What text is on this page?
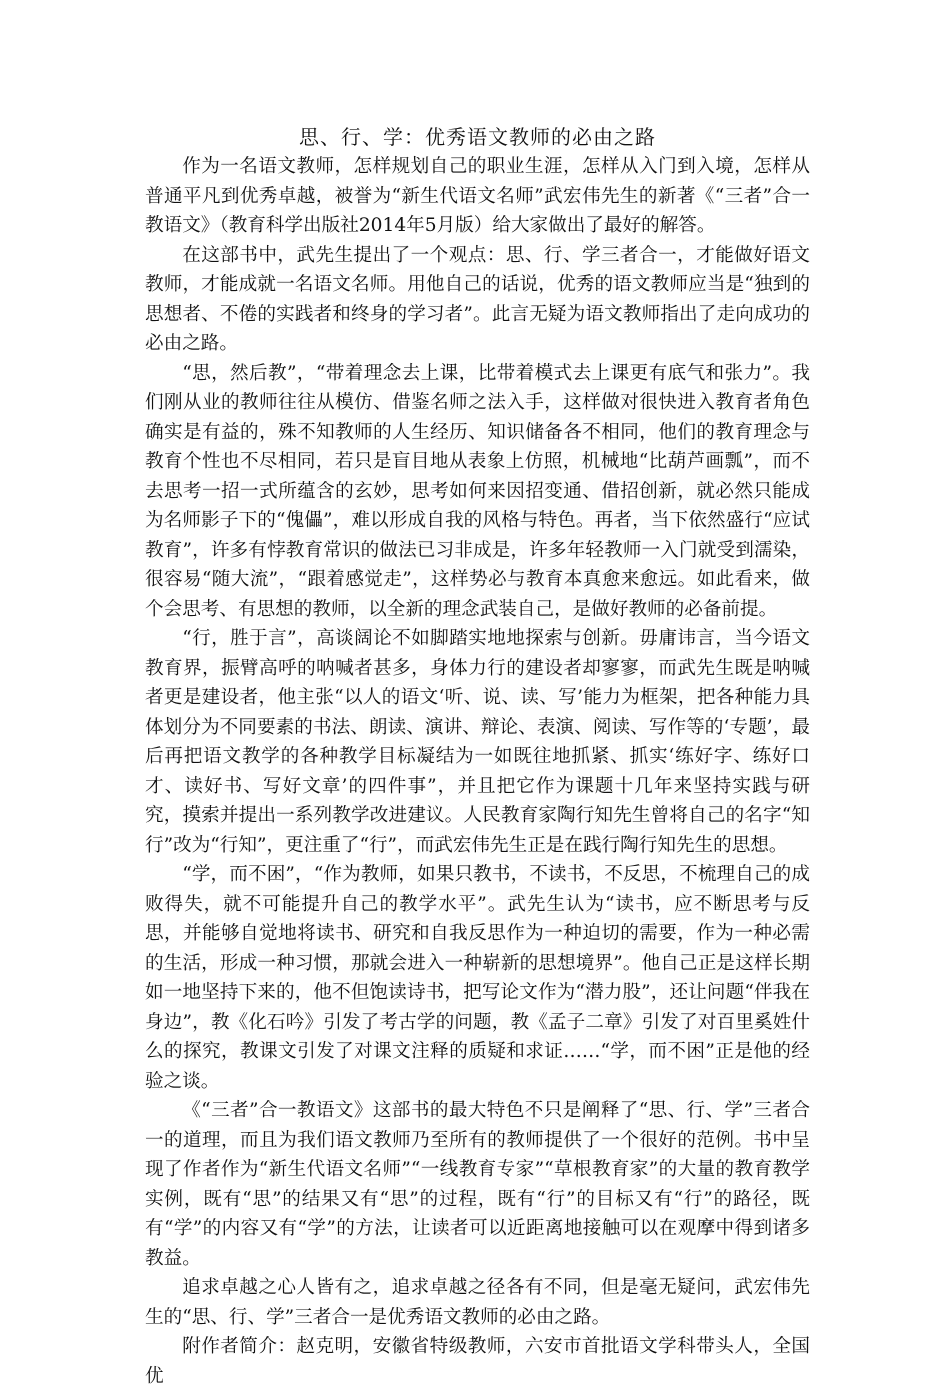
思、行、学：优秀语文教师的必由之路

作为一名语文教师，怎样规划自己的职业生涯，怎样从入门到入境，怎样从普通平凡到优秀卓越，被誉为“新生代语文名师”武宏伟先生的新著《“三者”合一教语文》（教育科学出版社2014年5月版）给大家做出了最好的解答。

在这部书中，武先生提出了一个观点：思、行、学三者合一，才能做好语文教师，才能成就一名语文名师。用他自己的话说，优秀的语文教师应当是“独到的思想者、不倦的实践者和终身的学习者”。此言无疑为语文教师指出了走向成功的必由之路。

“思，然后教”，“带着理念去上课，比带着模式去上课更有底气和张力”。我们刚从业的教师往往从模仿、借鉴名师之法入手，这样做对很快进入教育者角色确实是有益的，殊不知教师的人生经历、知识储备各不相同，他们的教育理念与教育个性也不尽相同，若只是盲目地从表象上仿照，机械地“比葫芦画瓢”，而不去思考一招一式所蕴含的玄妙，思考如何来因招变通、借招创新，就必然只能成为名师影子下的“傀儡”，难以形成自我的风格与特色。再者，当下依然盛行“应试教育”，许多有悖教育常识的做法已习非成是，许多年轻教师一入门就受到濡染，很容易“随大流”，“跟着感觉走”，这样势必与教育本真愈来愈远。如此看来，做个会思考、有思想的教师，以全新的理念武装自己，是做好教师的必备前提。

“行，胜于言”，高谈阔论不如脚踏实地地探索与创新。毋庸讳言，当今语文教育界，振臂高呼的呐喊者甚多，身体力行的建设者却寥寥，而武先生既是呐喊者更是建设者，他主张“以人的语文‘听、说、读、写’能力为框架，把各种能力具体划分为不同要素的书法、朗读、演讲、辩论、表演、阅读、写作等的‘专题’，最后再把语文教学的各种教学目标凝结为一如既往地抓紧、抓实‘练好字、练好口才、读好书、写好文章’的四件事”，并且把它作为课题十几年来坚持实践与研究，摸索并提出一系列教学改进建议。人民教育家陶行知先生曾将自己的名字“知行”改为“行知”，更注重了“行”，而武宏伟先生正是在践行陶行知先生的思想。

“学，而不困”，“作为教师，如果只教书，不读书，不反思，不梳理自己的成败得失，就不可能提升自己的教学水平”。武先生认为“读书，应不断思考与反思，并能够自觉地将读书、研究和自我反思作为一种迫切的需要，作为一种必需的生活，形成一种习惯，那就会进入一种崭新的思想境界”。他自己正是这样长期如一地坚持下来的，他不但饱读诗书，把写论文作为“潜力股”，还让问题“伴我在身边”，教《化石吟》引发了考古学的问题，教《孟子二章》引发了对百里奚姓什么的探究，教课文引发了对课文注释的质疑和求证……“学，而不困”正是他的经验之谈。

《“三者”合一教语文》这部书的最大特色不只是阐释了“思、行、学”三者合一的道理，而且为我们语文教师乃至所有的教师提供了一个很好的范例。书中呈现了作者作为“新生代语文名师”“一线教育专家”“草根教育家”的大量的教育教学实例，既有“思”的结果又有“思”的过程，既有“行”的目标又有“行”的路径，既有“学”的内容又有“学”的方法，让读者可以近距离地接触可以在观摩中得到诸多教益。

追求卓越之心人皆有之，追求卓越之径各有不同，但是毫无疑问，武宏伟先生的“思、行、学”三者合一是优秀语文教师的必由之路。

附作者简介：赵克明，安徽省特级教师，六安市首批语文学科带头人，全国优
